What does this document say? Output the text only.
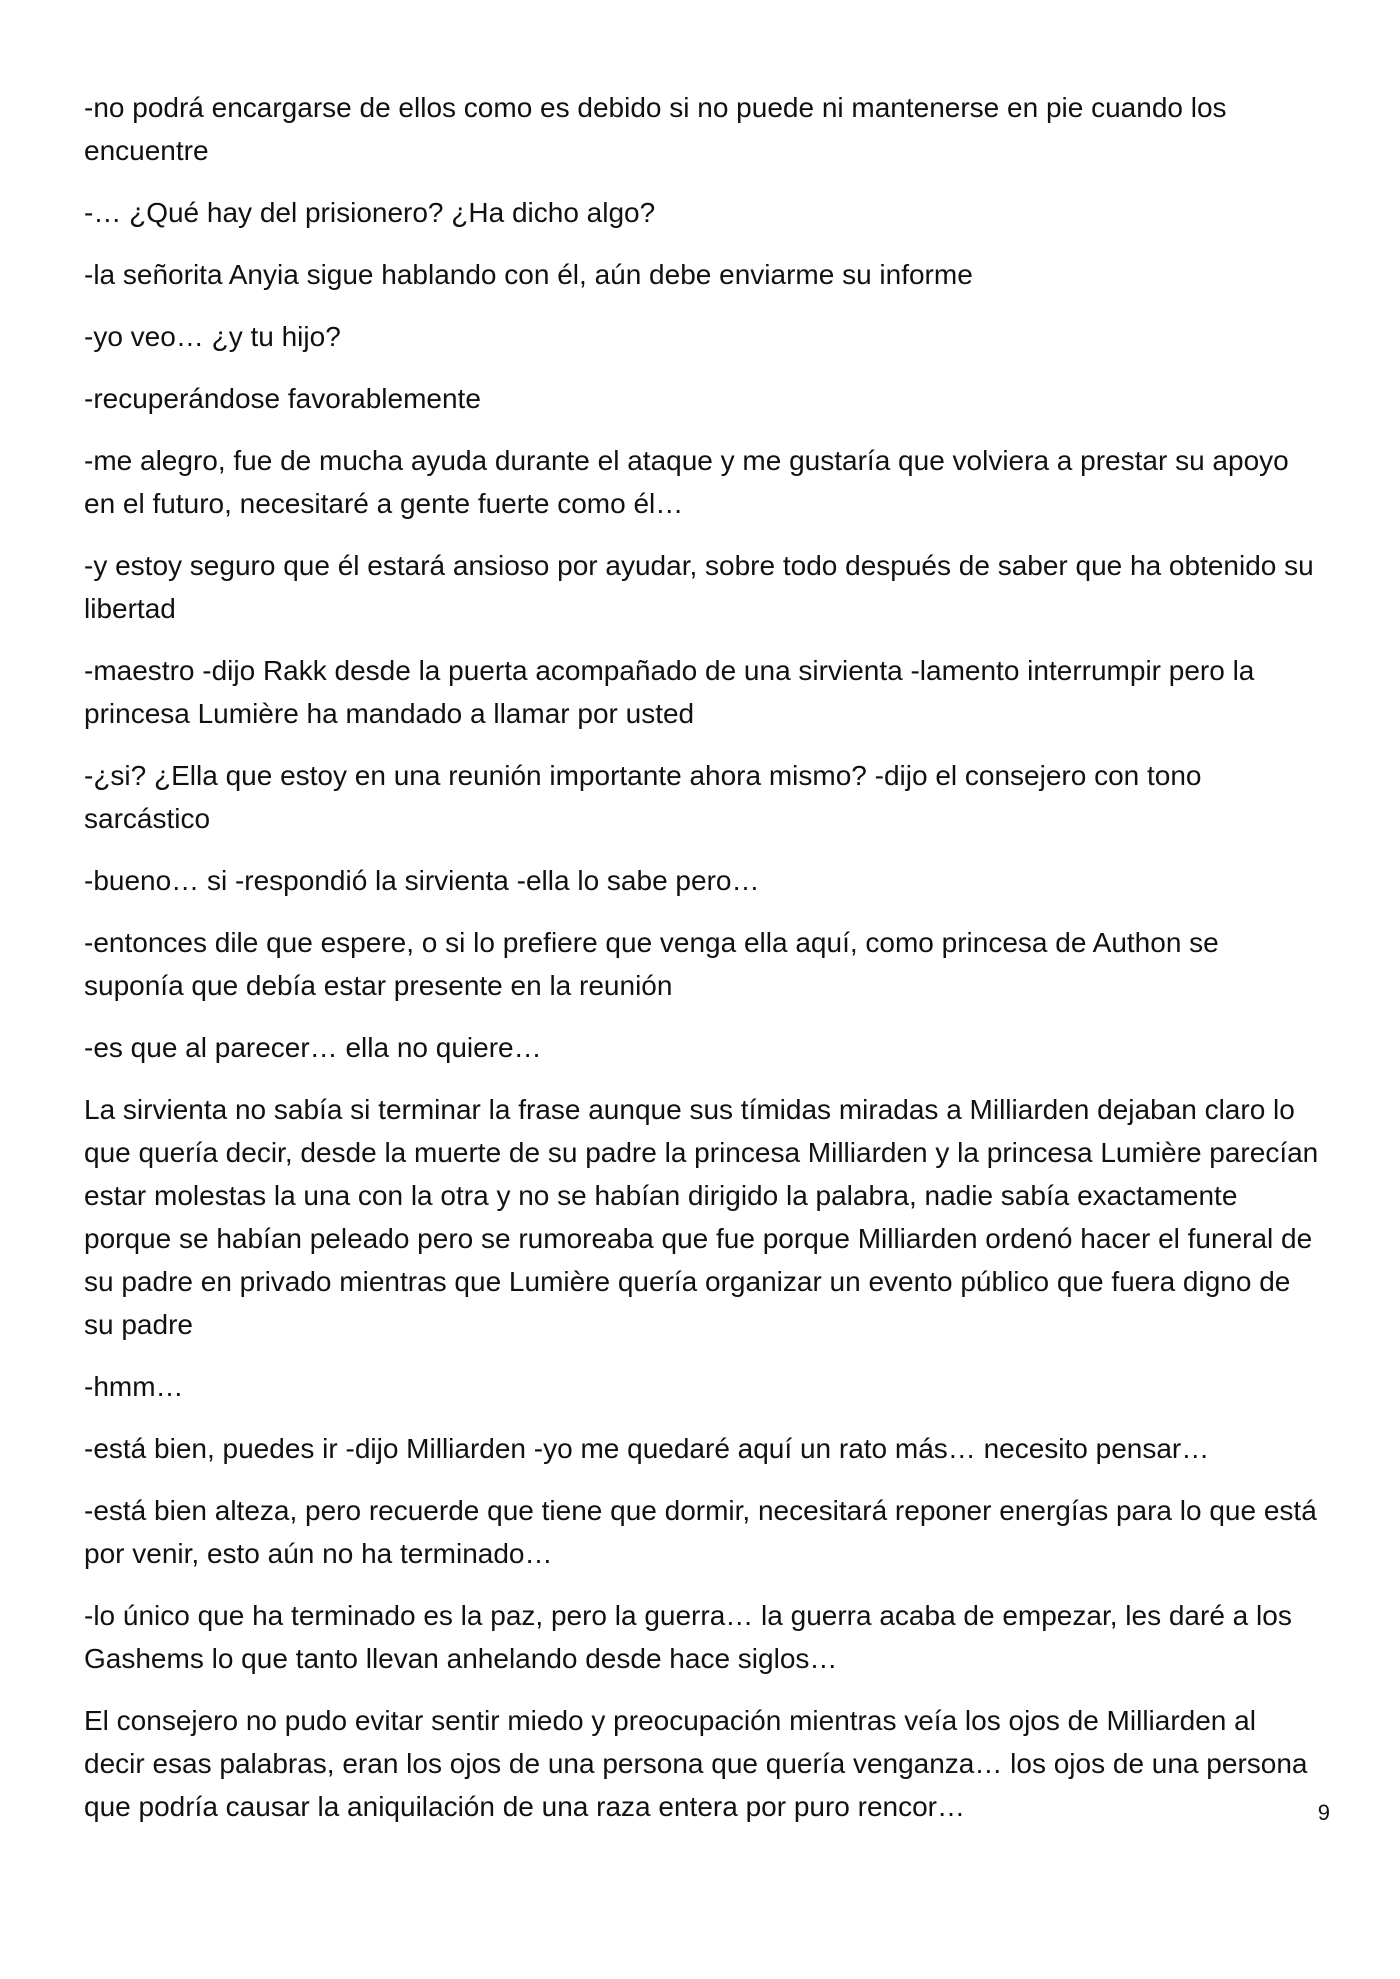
-no podrá encargarse de ellos como es debido si no puede ni mantenerse en pie cuando los encuentre

-… ¿Qué hay del prisionero? ¿Ha dicho algo?

-la señorita Anyia sigue hablando con él, aún debe enviarme su informe

-yo veo… ¿y tu hijo?

-recuperándose favorablemente

-me alegro, fue de mucha ayuda durante el ataque y me gustaría que volviera a prestar su apoyo en el futuro, necesitaré a gente fuerte como él…

-y estoy seguro que él estará ansioso por ayudar, sobre todo después de saber que ha obtenido su libertad

-maestro -dijo Rakk desde la puerta acompañado de una sirvienta -lamento interrumpir pero la princesa Lumière ha mandado a llamar por usted

-¿si? ¿Ella que estoy en una reunión importante ahora mismo? -dijo el consejero con tono sarcástico

-bueno… si -respondió la sirvienta -ella lo sabe pero…

-entonces dile que espere, o si lo prefiere que venga ella aquí, como princesa de Authon se suponía que debía estar presente en la reunión

-es que al parecer… ella no quiere…

La sirvienta no sabía si terminar la frase aunque sus tímidas miradas a Milliarden dejaban claro lo que quería decir, desde la muerte de su padre la princesa Milliarden y la princesa Lumière parecían estar molestas la una con la otra y no se habían dirigido la palabra, nadie sabía exactamente porque se habían peleado pero se rumoreaba que fue porque Milliarden ordenó hacer el funeral de su padre en privado mientras que Lumière quería organizar un evento público que fuera digno de su padre

-hmm…

-está bien, puedes ir -dijo Milliarden -yo me quedaré aquí un rato más… necesito pensar…

-está bien alteza, pero recuerde que tiene que dormir, necesitará reponer energías para lo que está por venir, esto aún no ha terminado…

-lo único que ha terminado es la paz, pero la guerra… la guerra acaba de empezar, les daré a los Gashems lo que tanto llevan anhelando desde hace siglos…

El consejero no pudo evitar sentir miedo y preocupación mientras veía los ojos de Milliarden al decir esas palabras, eran los ojos de una persona que quería venganza… los ojos de una persona que podría causar la aniquilación de una raza entera por puro rencor…	9
